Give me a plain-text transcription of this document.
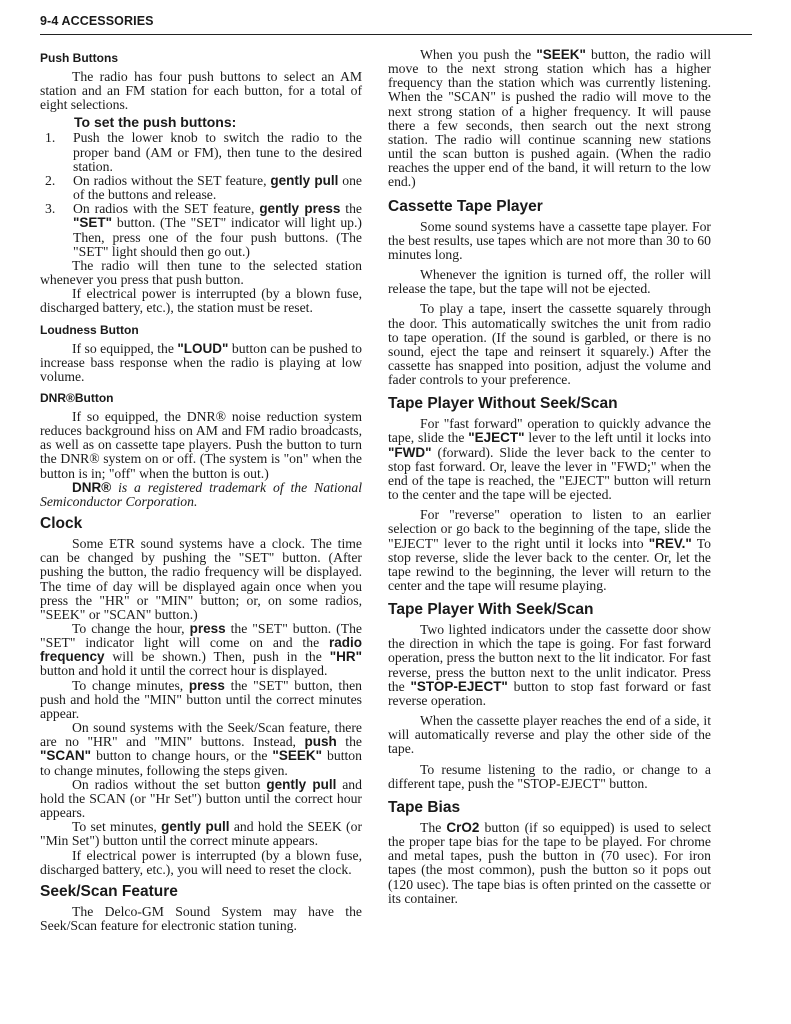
9-4 ACCESSORIES
Push Buttons

The radio has four push buttons to select an AM station and an FM station for each button, for a total of eight selections.

To set the push buttons:
1. Push the lower knob to switch the radio to the proper band (AM or FM), then tune to the desired station.
2. On radios without the SET feature, gently pull one of the buttons and release.
3. On radios with the SET feature, gently press the "SET" button. (The "SET" indicator will light up.) Then, press one of the four push buttons. (The "SET" light should then go out.)

The radio will then tune to the selected station whenever you press that push button.

If electrical power is interrupted (by a blown fuse, discharged battery, etc.), the station must be reset.

Loudness Button

If so equipped, the "LOUD" button can be pushed to increase bass response when the radio is playing at low volume.

DNR®Button

If so equipped, the DNR® noise reduction system reduces background hiss on AM and FM radio broadcasts, as well as on cassette tape players. Push the button to turn the DNR® system on or off. (The system is "on" when the button is in; "off" when the button is out.)

DNR® is a registered trademark of the National Semiconductor Corporation.

Clock

Some ETR sound systems have a clock. The time can be changed by pushing the "SET" button. (After pushing the button, the radio frequency will be displayed. The time of day will be displayed again once when you press the "HR" or "MIN" button; or, on some radios, "SEEK" or "SCAN" button.)

To change the hour, press the "SET" button. (The "SET" indicator light will come on and the radio frequency will be shown.) Then, push in the "HR" button and hold it until the correct hour is displayed.

To change minutes, press the "SET" button, then push and hold the "MIN" button until the correct minutes appear.

On sound systems with the Seek/Scan feature, there are no "HR" and "MIN" buttons. Instead, push the "SCAN" button to change hours, or the "SEEK" button to change minutes, following the steps given.

On radios without the set button gently pull and hold the SCAN (or "Hr Set") button until the correct hour appears.

To set minutes, gently pull and hold the SEEK (or "Min Set") button until the correct minute appears.

If electrical power is interrupted (by a blown fuse, discharged battery, etc.), you will need to reset the clock.

Seek/Scan Feature

The Delco-GM Sound System may have the Seek/Scan feature for electronic station tuning.

When you push the "SEEK" button, the radio will move to the next strong station which has a higher frequency than the station which was currently listening. When the "SCAN" is pushed the radio will move to the next strong station of a higher frequency. It will pause there a few seconds, then search out the next strong station. The radio will continue scanning new stations until the scan button is pushed again. (When the radio reaches the upper end of the band, it will return to the low end.)

Cassette Tape Player

Some sound systems have a cassette tape player. For the best results, use tapes which are not more than 30 to 60 minutes long.

Whenever the ignition is turned off, the roller will release the tape, but the tape will not be ejected.

To play a tape, insert the cassette squarely through the door. This automatically switches the unit from radio to tape operation. (If the sound is garbled, or there is no sound, eject the tape and reinsert it squarely.) After the cassette has snapped into position, adjust the volume and fader controls to your preference.

Tape Player Without Seek/Scan

For "fast forward" operation to quickly advance the tape, slide the "EJECT" lever to the left until it locks into "FWD" (forward). Slide the lever back to the center to stop fast forward. Or, leave the lever in "FWD;" when the end of the tape is reached, the "EJECT" button will return to the center and the tape will be ejected.

For "reverse" operation to listen to an earlier selection or go back to the beginning of the tape, slide the "EJECT" lever to the right until it locks into "REV." To stop reverse, slide the lever back to the center. Or, let the tape rewind to the beginning, the lever will return to the center and the tape will resume playing.

Tape Player With Seek/Scan

Two lighted indicators under the cassette door show the direction in which the tape is going. For fast forward operation, press the button next to the lit indicator. For fast reverse, press the button next to the unlit indicator. Press the "STOP-EJECT" button to stop fast forward or fast reverse operation.

When the cassette player reaches the end of a side, it will automatically reverse and play the other side of the tape.

To resume listening to the radio, or change to a different tape, push the "STOP-EJECT" button.

Tape Bias

The CrO2 button (if so equipped) is used to select the proper tape bias for the tape to be played. For chrome and metal tapes, push the button in (70 usec). For iron tapes (the most common), push the button so it pops out (120 usec). The tape bias is often printed on the cassette or its container.
